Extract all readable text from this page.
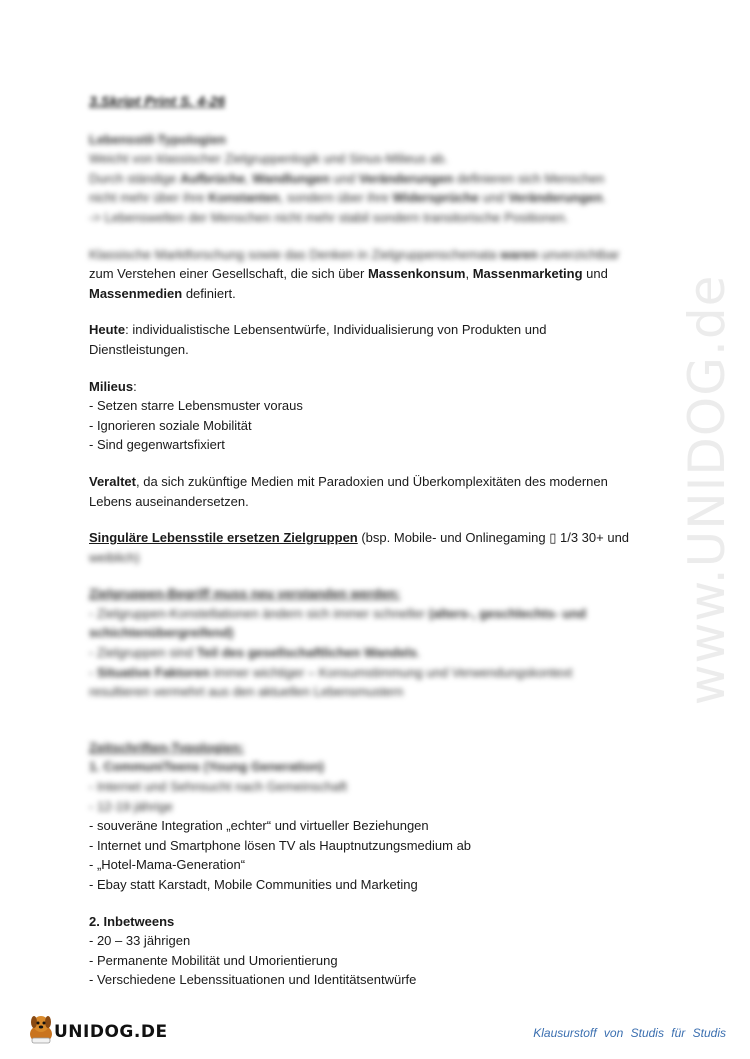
www.UNIDOG.de

3.Skript Print S. 4-26

Lebensstil-Typologien

Weicht von klassischer Zielgruppenlogik und Sinus-Milieus ab.

Durch ständige Aufbrüche, Wandlungen und Veränderungen definieren sich Menschen

nicht mehr über ihre Konstanten, sondern über ihre Widersprüche und Veränderungen.

-> Lebenswelten der Menschen nicht mehr stabil sondern transitorische Positionen.

Klassische Marktforschung sowie das Denken in Zielgruppenschemata waren unverzichtbar

zum Verstehen einer Gesellschaft, die sich über Massenkonsum, Massenmarketing und

Massenmedien definiert.

Heute: individualistische Lebensentwürfe, Individualisierung von Produkten und

Dienstleistungen.

Milieus:

- Setzen starre Lebensmuster voraus

- Ignorieren soziale Mobilität

- Sind gegenwartsfixiert

Veraltet, da sich zukünftige Medien mit Paradoxien und Überkomplexitäten des modernen

Lebens auseinandersetzen.

Singuläre Lebensstile ersetzen Zielgruppen (bsp. Mobile- und Onlinegaming ▯ 1/3 30+ und

weiblich)

Zielgruppen-Begriff muss neu verstanden werden:

- Zielgruppen-Konstellationen ändern sich immer schneller (alters-, geschlechts- und

schichtenübergreifend)

- Zielgruppen sind Teil des gesellschaftlichen Wandels.

- Situative Faktoren immer wichtiger – Konsumstimmung und Verwendungskontext

resultieren vermehrt aus den aktuellen Lebensmustern

Zeitschriften-Typologien:

1. CommuniTeens (Young Generation)

- Internet und Sehnsucht nach Gemeinschaft

- 12-19 jährige

- souveräne Integration „echter“ und virtueller Beziehungen

- Internet und Smartphone lösen TV als Hauptnutzungsmedium ab

- „Hotel-Mama-Generation“

- Ebay statt Karstadt, Mobile Communities und Marketing

2. Inbetweens

- 20 – 33 jährigen

- Permanente Mobilität und Umorientierung

- Verschiedene Lebenssituationen und Identitätsentwürfe

UNIDOG.DE	Klausurstoff von Studis für Studis
